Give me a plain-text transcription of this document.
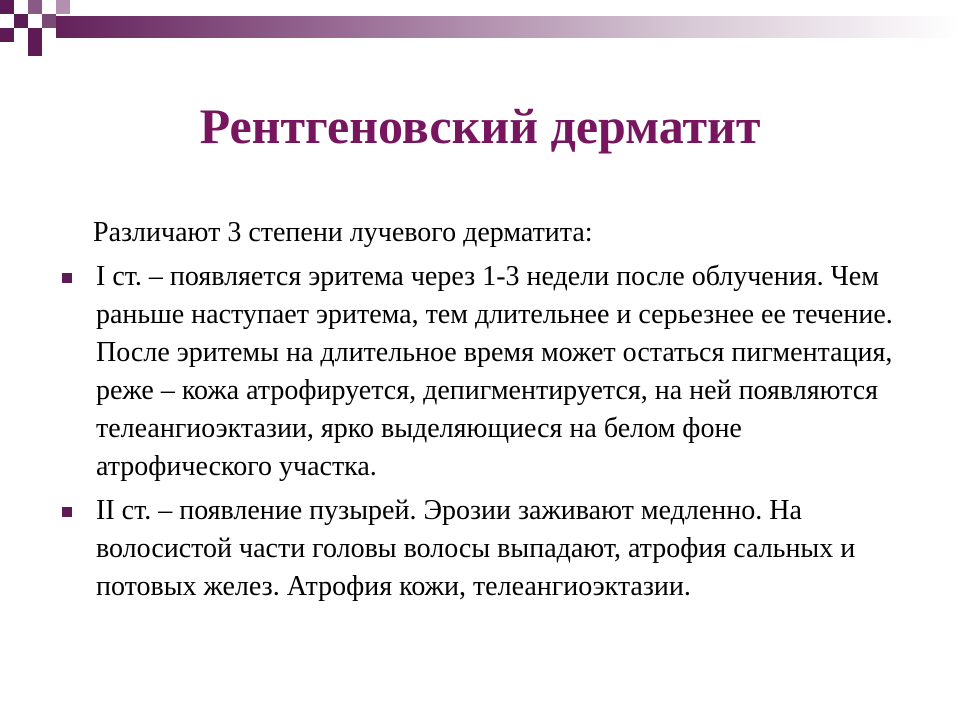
Рентгеновский дерматит

Различают 3 степени лучевого дерматита:

I ст. – появляется эритема через 1-3 недели после облучения. Чем раньше наступает эритема, тем длительнее и серьезнее ее течение. После эритемы на длительное время может остаться пигментация, реже – кожа атрофируется, депигментируется, на ней появляются телеангиоэктазии, ярко выделяющиеся на белом фоне атрофического участка.
II ст. – появление пузырей. Эрозии заживают медленно. На волосистой части головы волосы выпадают, атрофия сальных и потовых желез. Атрофия кожи, телеангиоэктазии.
